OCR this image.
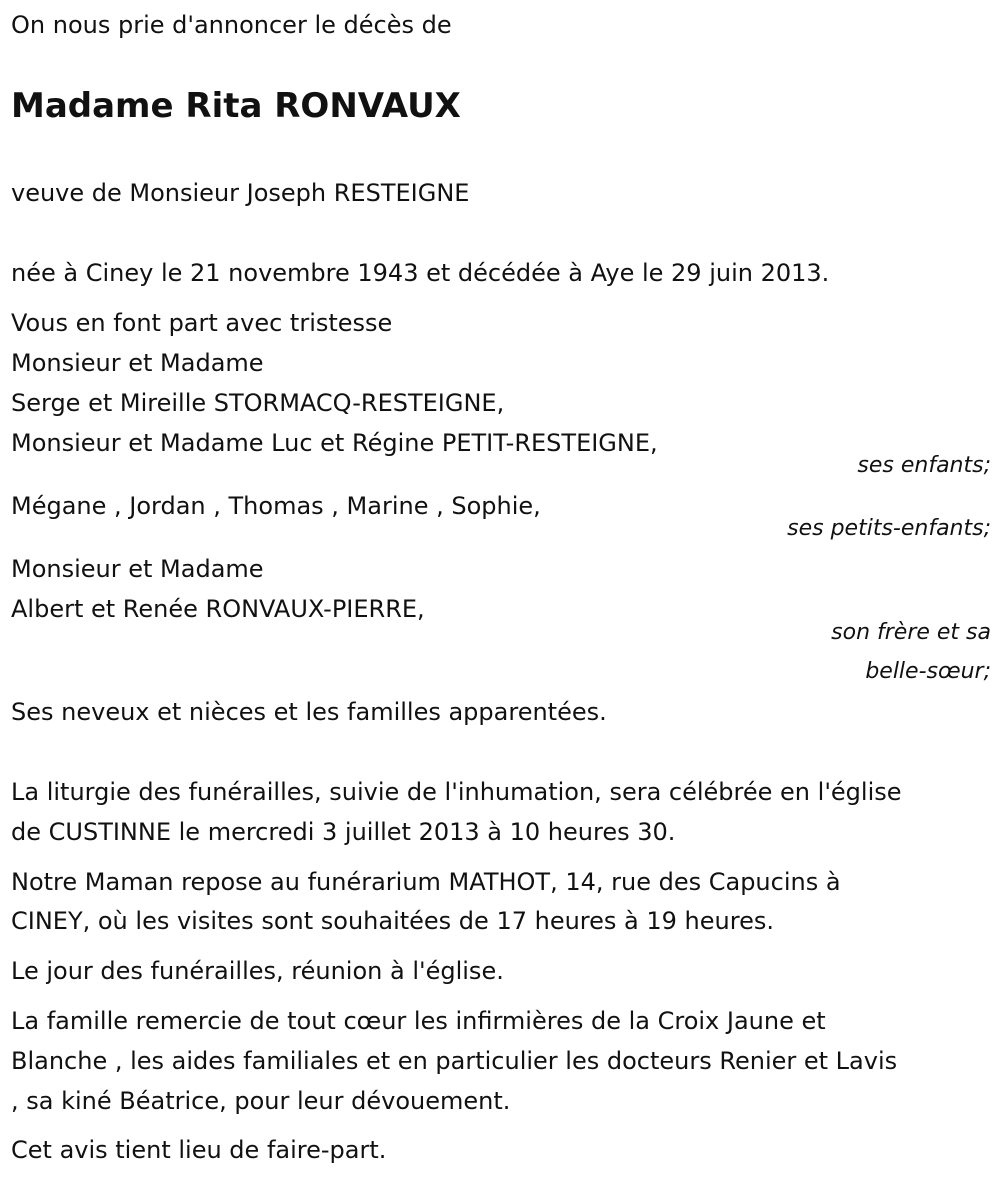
On nous prie d'annoncer le décès de
Madame Rita RONVAUX
veuve de Monsieur Joseph RESTEIGNE
née à Ciney le 21 novembre 1943 et décédée à Aye le 29 juin 2013.
Vous en font part avec tristesse
Monsieur et Madame
Serge et Mireille STORMACQ-RESTEIGNE,
Monsieur et Madame Luc et Régine PETIT-RESTEIGNE,
ses enfants;
Mégane , Jordan , Thomas , Marine , Sophie,
ses petits-enfants;
Monsieur et Madame
Albert et Renée RONVAUX-PIERRE,
son frère et sa
belle-sœur;
Ses neveux et nièces et les familles apparentées.
La liturgie des funérailles, suivie de l'inhumation, sera célébrée en l'église
de CUSTINNE le mercredi 3 juillet 2013 à 10 heures 30.
Notre Maman repose au funérarium MATHOT, 14, rue des Capucins à
CINEY, où les visites sont souhaitées de 17 heures à 19 heures.
Le jour des funérailles, réunion à l'église.
La famille remercie de tout cœur les infirmières de la Croix Jaune et
Blanche , les aides familiales et en particulier les docteurs Renier et Lavis
, sa kiné Béatrice, pour leur dévouement.
Cet avis tient lieu de faire-part.
